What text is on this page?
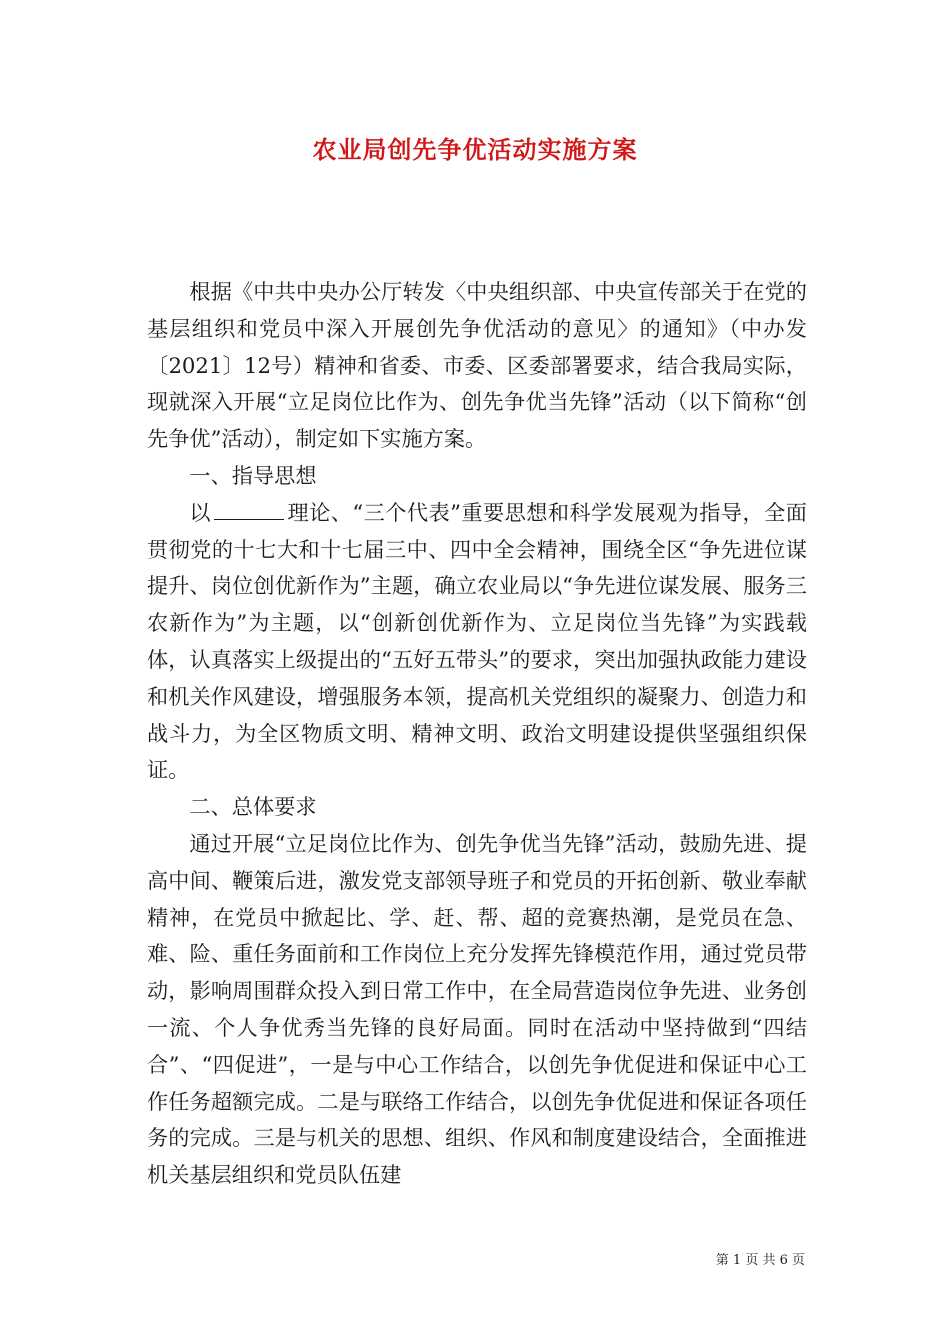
农业局创先争优活动实施方案

根据《中共中央办公厅转发〈中央组织部、中央宣传部关于在党的基层组织和党员中深入开展创先争优活动的意见〉的通知》（中办发〔2021〕12号）精神和省委、市委、区委部署要求，结合我局实际，现就深入开展“立足岗位比作为、创先争优当先锋”活动（以下简称“创先争优”活动），制定如下实施方案。

一、指导思想

以	理论、“三个代表”重要思想和科学发展观为指导，全面贯彻党的十七大和十七届三中、四中全会精神，围绕全区“争先进位谋提升、岗位创优新作为”主题，确立农业局以“争先进位谋发展、服务三农新作为”为主题，以“创新创优新作为、立足岗位当先锋”为实践载体，认真落实上级提出的“五好五带头”的要求，突出加强执政能力建设和机关作风建设，增强服务本领，提高机关党组织的凝聚力、创造力和战斗力，为全区物质文明、精神文明、政治文明建设提供坚强组织保证。

二、总体要求

通过开展“立足岗位比作为、创先争优当先锋”活动，鼓励先进、提高中间、鞭策后进，激发党支部领导班子和党员的开拓创新、敬业奉献精神，在党员中掀起比、学、赶、帮、超的竞赛热潮，是党员在急、难、险、重任务面前和工作岗位上充分发挥先锋模范作用，通过党员带动，影响周围群众投入到日常工作中，在全局营造岗位争先进、业务创一流、个人争优秀当先锋的良好局面。同时在活动中坚持做到“四结合”、“四促进”，一是与中心工作结合，以创先争优促进和保证中心工作任务超额完成。二是与联络工作结合，以创先争优促进和保证各项任务的完成。三是与机关的思想、组织、作风和制度建设结合，全面推进机关基层组织和党员队伍建

第 1 页 共 6 页
